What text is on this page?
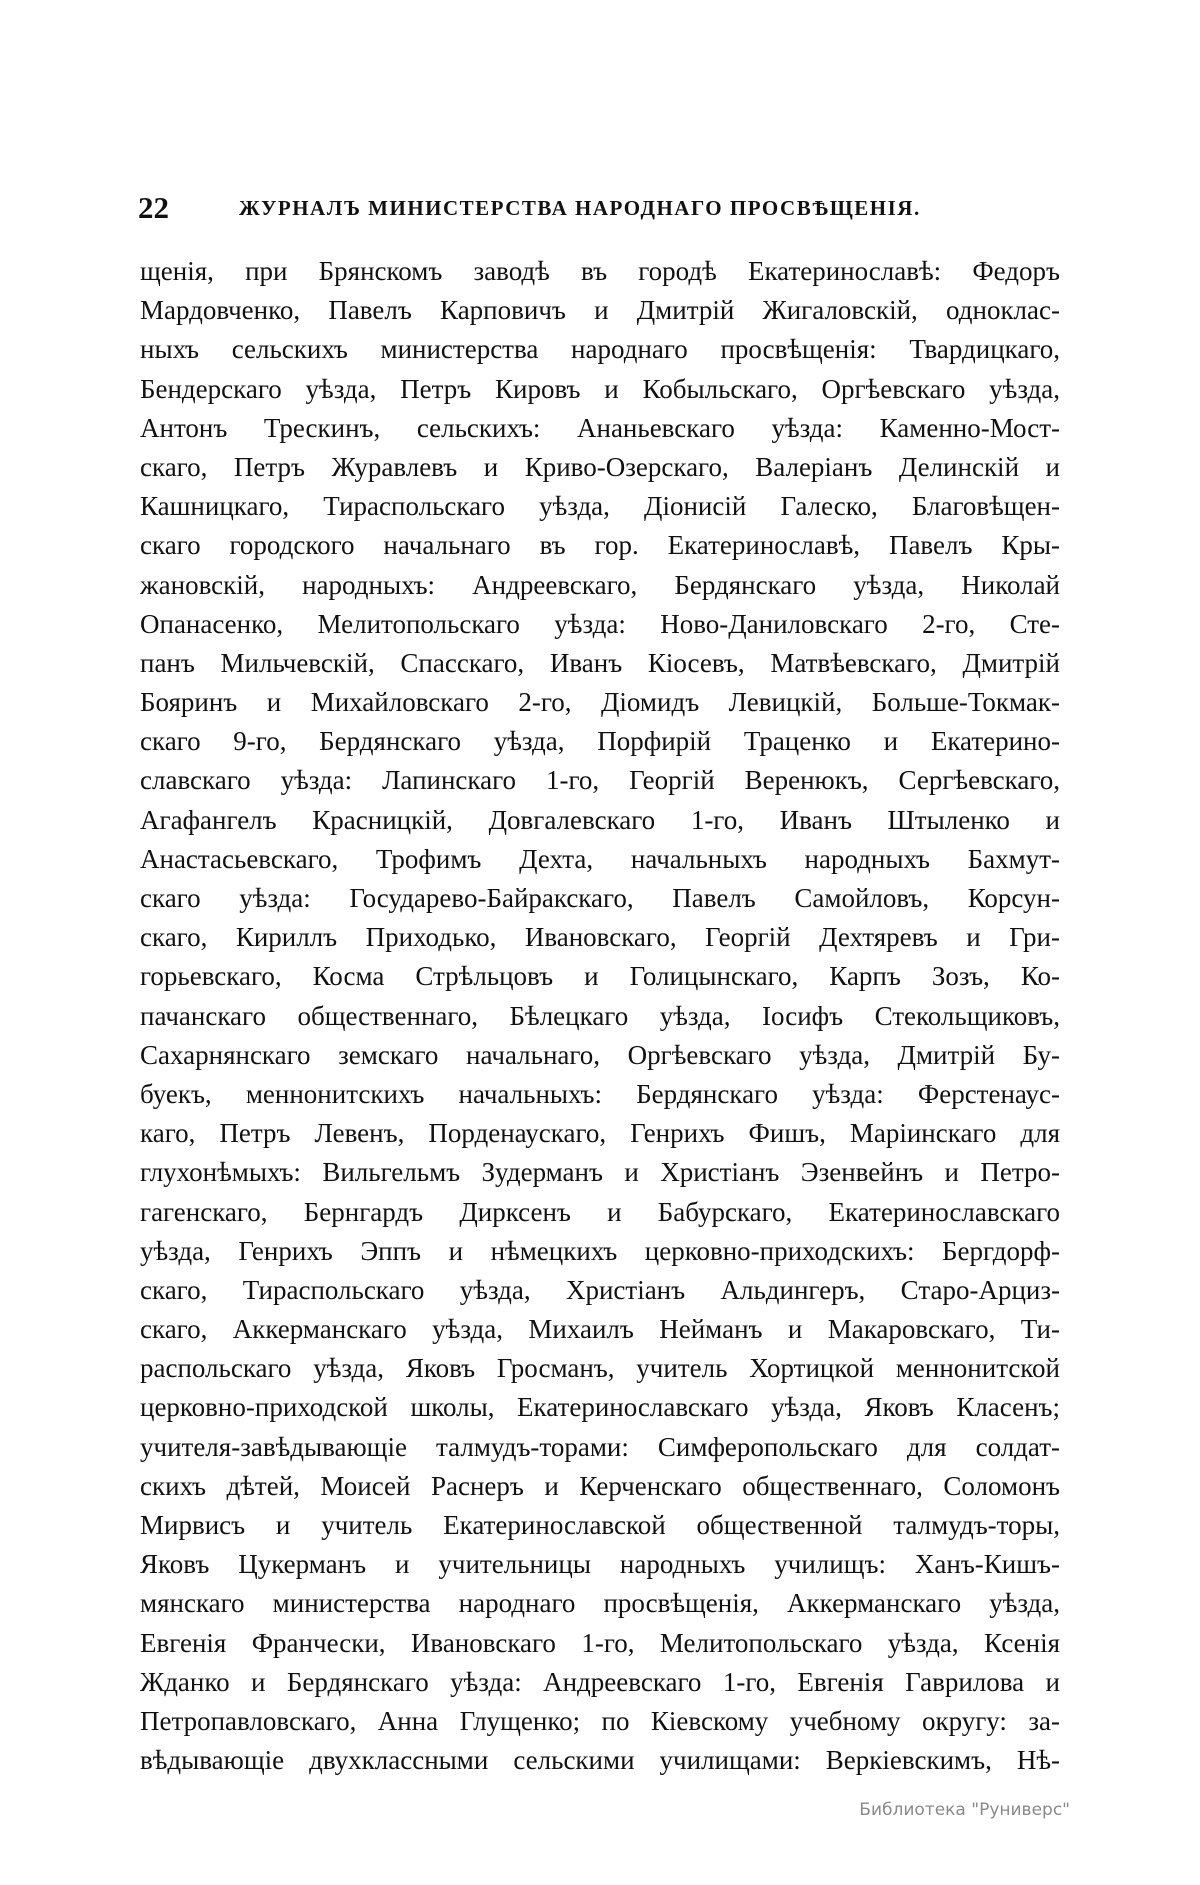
22	ЖУРНАЛЪ МИНИСТЕРСТВА НАРОДНАГО ПРОСВѢЩЕНІЯ.
щенія, при Брянскомъ заводѣ въ городѣ Екатеринославѣ: Федоръ
Мардовченко, Павелъ Карповичъ и Дмитрій Жигаловскій, одноклас-
ныхъ сельскихъ министерства народнаго просвѣщенія: Твардицкаго,
Бендерскаго уѣзда, Петръ Кировъ и Кобыльскаго, Оргѣевскаго уѣзда,
Антонъ Трескинъ, сельскихъ: Ананьевскаго уѣзда: Каменно-Мост-
скаго, Петръ Журавлевъ и Криво-Озерскаго, Валеріанъ Делинскій и
Кашницкаго, Тираспольскаго уѣзда, Діонисій Галеско, Благовѣщен-
скаго городского начальнаго въ гор. Екатеринославѣ, Павелъ Кры-
жановскій, народныхъ: Андреевскаго, Бердянскаго уѣзда, Николай
Опанасенко, Мелитопольскаго уѣзда: Ново-Даниловскаго 2-го, Сте-
панъ Мильчевскій, Спасскаго, Иванъ Кіосевъ, Матвѣевскаго, Дмитрій
Бояринъ и Михайловскаго 2-го, Діомидъ Левицкій, Больше-Токмак-
скаго 9-го, Бердянскаго уѣзда, Порфирій Траценко и Екатерино-
славскаго уѣзда: Лапинскаго 1-го, Георгій Веренюкъ, Сергѣевскаго,
Агафангелъ Красницкій, Довгалевскаго 1-го, Иванъ Штыленко и
Анастасьевскаго, Трофимъ Дехта, начальныхъ народныхъ Бахмут-
скаго уѣзда: Государево-Байракскаго, Павелъ Самойловъ, Корсун-
скаго, Кириллъ Приходько, Ивановскаго, Георгій Дехтяревъ и Гри-
горьевскаго, Косма Стрѣльцовъ и Голицынскаго, Карпъ Зозъ, Ко-
пачанскаго общественнаго, Бѣлецкаго уѣзда, Іосифъ Стекольщиковъ,
Сахарнянскаго земскаго начальнаго, Оргѣевскаго уѣзда, Дмитрій Бу-
буекъ, меннонитскихъ начальныхъ: Бердянскаго уѣзда: Ферстенаус-
каго, Петръ Левенъ, Порденаускаго, Генрихъ Фишъ, Маріинскаго для
глухонѣмыхъ: Вильгельмъ Зудерманъ и Христіанъ Эзенвейнъ и Петро-
гагенскаго, Бернгардъ Дирксенъ и Бабурскаго, Екатеринославскаго
уѣзда, Генрихъ Эппъ и нѣмецкихъ церковно-приходскихъ: Бергдорф-
скаго, Тираспольскаго уѣзда, Христіанъ Альдингеръ, Старо-Арциз-
скаго, Аккерманскаго уѣзда, Михаилъ Нейманъ и Макаровскаго, Ти-
распольскаго уѣзда, Яковъ Гросманъ, учитель Хортицкой меннонитской
церковно-приходской школы, Екатеринославскаго уѣзда, Яковъ Класенъ;
учителя-завѣдывающіе талмудъ-торами: Симферопольскаго для солдат-
скихъ дѣтей, Моисей Раснеръ и Керченскаго общественнаго, Соломонъ
Мирвисъ и учитель Екатеринославской общественной талмудъ-торы,
Яковъ Цукерманъ и учительницы народныхъ училищъ: Ханъ-Кишъ-
мянскаго министерства народнаго просвѣщенія, Аккерманскаго уѣзда,
Евгенія Франчески, Ивановскаго 1-го, Мелитопольскаго уѣзда, Ксенія
Жданко и Бердянскаго уѣзда: Андреевскаго 1-го, Евгенія Гаврилова и
Петропавловскаго, Анна Глущенко; по Кіевскому учебному округу: за-
вѣдывающіе двухклассными сельскими училищами: Веркіевскимъ, Нѣ-
Библиотека "Руниверс"
